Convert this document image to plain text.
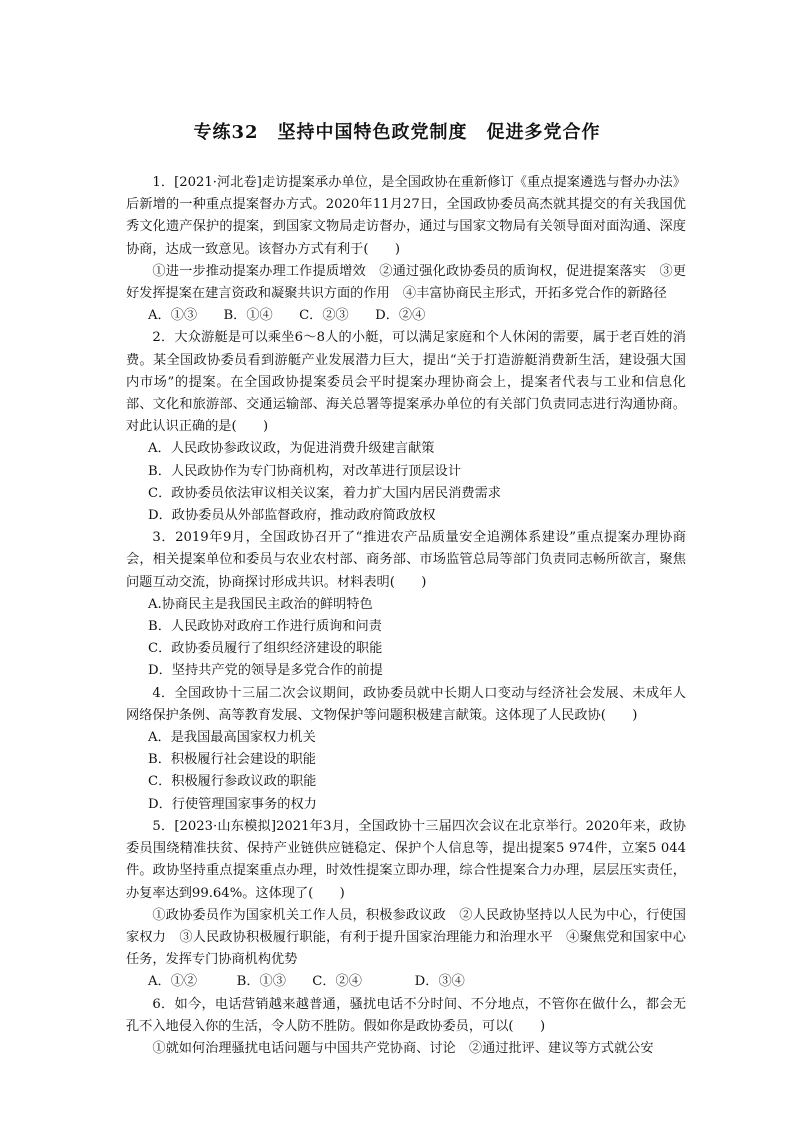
专练32　坚持中国特色政党制度　促进多党合作

1．[2021·河北卷]走访提案承办单位，是全国政协在重新修订《重点提案遴选与督办办法》后新增的一种重点提案督办方式。2020年11月27日，全国政协委员高杰就其提交的有关我国优秀文化遗产保护的提案，到国家文物局走访督办，通过与国家文物局有关领导面对面沟通、深度协商，达成一致意见。该督办方式有利于(　　)

①进一步推动提案办理工作提质增效　②通过强化政协委员的质询权，促进提案落实　③更好发挥提案在建言资政和凝聚共识方面的作用　④丰富协商民主形式，开拓多党合作的新路径

A．①③　　B．①④　　C．②③　　D．②④

2．大众游艇是可以乘坐6～8人的小艇，可以满足家庭和个人休闲的需要，属于老百姓的消费。某全国政协委员看到游艇产业发展潜力巨大，提出“关于打造游艇消费新生活，建设强大国内市场”的提案。在全国政协提案委员会平时提案办理协商会上，提案者代表与工业和信息化部、文化和旅游部、交通运输部、海关总署等提案承办单位的有关部门负责同志进行沟通协商。对此认识正确的是(　　)

A．人民政协参政议政，为促进消费升级建言献策

B．人民政协作为专门协商机构，对改革进行顶层设计

C．政协委员依法审议相关议案，着力扩大国内居民消费需求

D．政协委员从外部监督政府，推动政府简政放权

3．2019年9月，全国政协召开了“推进农产品质量安全追溯体系建设”重点提案办理协商会，相关提案单位和委员与农业农村部、商务部、市场监管总局等部门负责同志畅所欲言，聚焦问题互动交流，协商探讨形成共识。材料表明(　　)

A.协商民主是我国民主政治的鲜明特色

B．人民政协对政府工作进行质询和问责

C．政协委员履行了组织经济建设的职能

D．坚持共产党的领导是多党合作的前提

4．全国政协十三届二次会议期间，政协委员就中长期人口变动与经济社会发展、未成年人网络保护条例、高等教育发展、文物保护等问题积极建言献策。这体现了人民政协(　　)

A．是我国最高国家权力机关

B．积极履行社会建设的职能

C．积极履行参政议政的职能

D．行使管理国家事务的权力

5．[2023·山东模拟]2021年3月，全国政协十三届四次会议在北京举行。2020年来，政协委员围绕精准扶贫、保持产业链供应链稳定、保护个人信息等，提出提案5 974件，立案5 044件。政协坚持重点提案重点办理，时效性提案立即办理，综合性提案合力办理，层层压实责任，办复率达到99.64%。这体现了(　　)

①政协委员作为国家机关工作人员，积极参政议政　②人民政协坚持以人民为中心，行使国家权力　③人民政协积极履行职能，有利于提升国家治理能力和治理水平　④聚焦党和国家中心任务，发挥专门协商机构优势

A．①②　　　B．①③　　C．②④　　　　D．③④

6．如今，电话营销越来越普通，骚扰电话不分时间、不分地点，不管你在做什么，都会无孔不入地侵入你的生活，令人防不胜防。假如你是政协委员，可以(　　)

①就如何治理骚扰电话问题与中国共产党协商、讨论　②通过批评、建议等方式就公安
